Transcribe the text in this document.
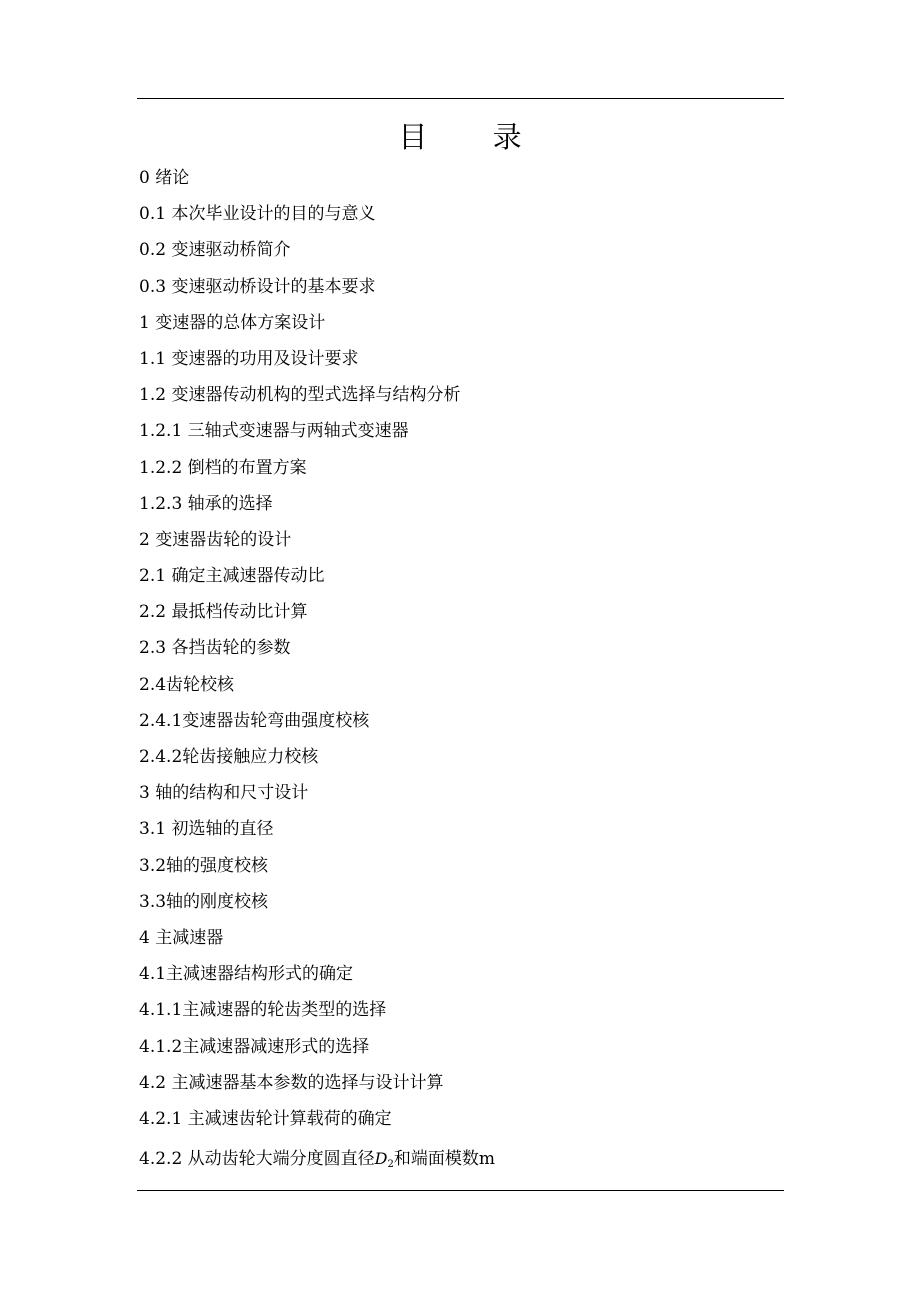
目 录
0 绪论
0.1 本次毕业设计的目的与意义
0.2 变速驱动桥简介
0.3 变速驱动桥设计的基本要求
1 变速器的总体方案设计
1.1 变速器的功用及设计要求
1.2 变速器传动机构的型式选择与结构分析
1.2.1 三轴式变速器与两轴式变速器
1.2.2 倒档的布置方案
1.2.3 轴承的选择
2 变速器齿轮的设计
2.1 确定主减速器传动比
2.2 最抵档传动比计算
2.3 各挡齿轮的参数
2.4齿轮校核
2.4.1变速器齿轮弯曲强度校核
2.4.2轮齿接触应力校核
3 轴的结构和尺寸设计
3.1 初选轴的直径
3.2轴的强度校核
3.3轴的刚度校核
4 主减速器
4.1主减速器结构形式的确定
4.1.1主减速器的轮齿类型的选择
4.1.2主减速器减速形式的选择
4.2 主减速器基本参数的选择与设计计算
4.2.1 主减速齿轮计算载荷的确定
4.2.2 从动齿轮大端分度圆直径$D_2$和端面模数m
